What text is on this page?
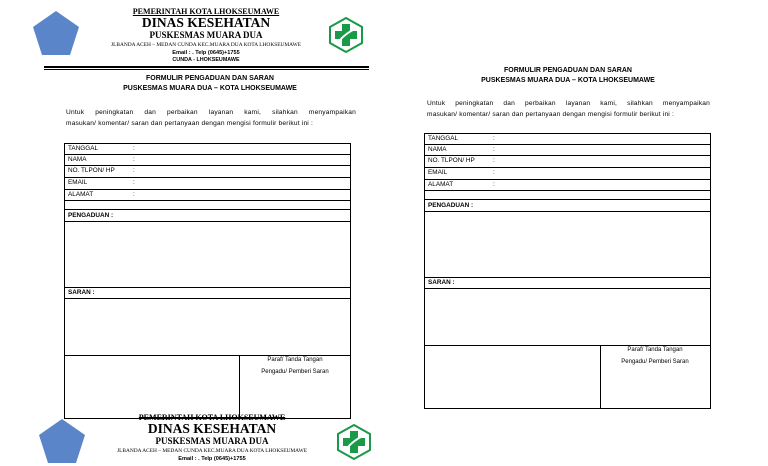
PEMERINTAH KOTA LHOKSEUMAWE
DINAS KESEHATAN
PUSKESMAS MUARA DUA
JLBANDA ACEH – MEDAN CUNDA KEC.MUARA DUA KOTA LHOKSEUMAWE
Email : . Telp (0645)+1755
CUNDA - LHOKSEUMAWE
FORMULIR PENGADUAN DAN SARAN
PUSKESMAS MUARA DUA – KOTA LHOKSEUMAWE
Untuk peningkatan dan perbaikan layanan kami, silahkan menyampaikan
masukan/ komentar/ saran dan pertanyaan dengan mengisi formulir berikut ini :
TANGGAL	:
NAMA	:
NO. TLPON/ HP	:
EMAIL	:
ALAMAT	:
PENGADUAN :
SARAN :
Paraf/ Tanda Tangan
Pengadu/ Pemberi Saran
FORMULIR PENGADUAN DAN SARAN
PUSKESMAS MUARA DUA – KOTA LHOKSEUMAWE
Untuk peningkatan dan perbaikan layanan kami, silahkan menyampaikan
masukan/ komentar/ saran dan pertanyaan dengan mengisi formulir berikut ini :
TANGGAL	:
NAMA	:
NO. TLPON/ HP	:
EMAIL	:
ALAMAT	:
PENGADUAN :
SARAN :
Paraf/ Tanda Tangan
Pengadu/ Pemberi Saran
PEMERINTAH KOTA LHOKSEUMAWE
DINAS KESEHATAN
PUSKESMAS MUARA DUA
JLBANDA ACEH – MEDAN CUNDA KEC.MUARA DUA KOTA LHOKSEUMAWE
Email : . Telp (0645)+1755
